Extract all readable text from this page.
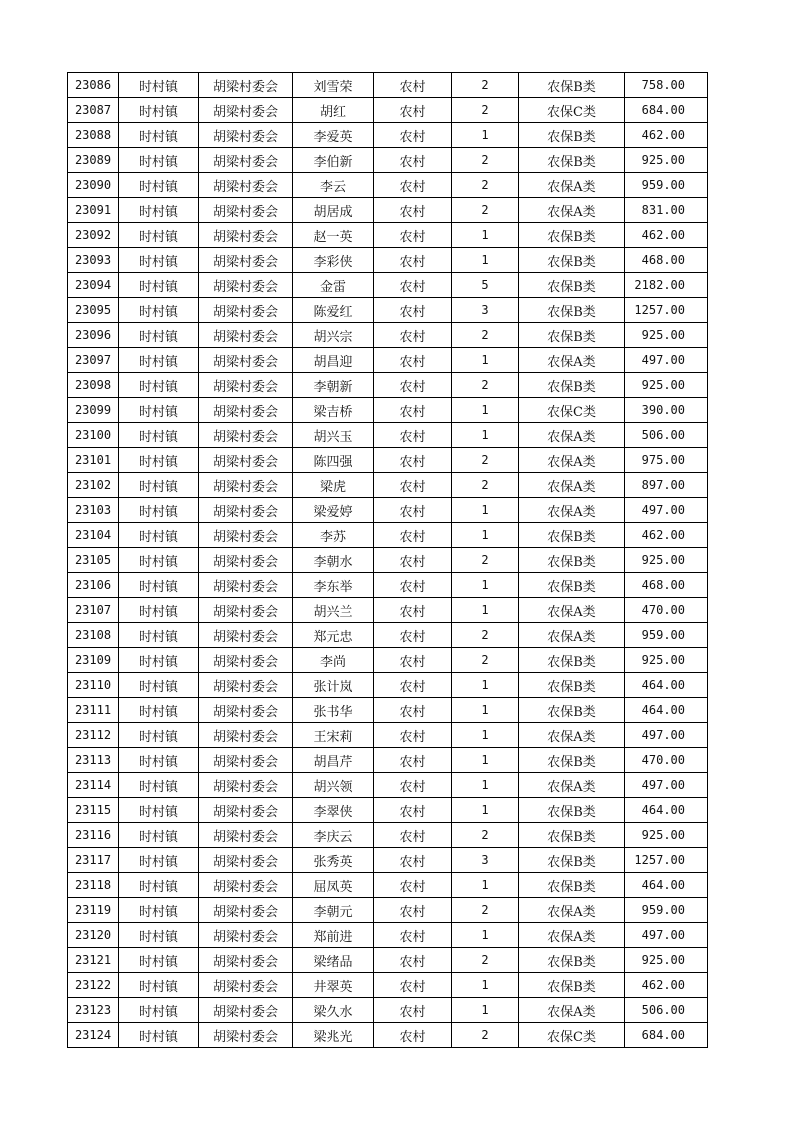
23086	时村镇	胡梁村委会	刘雪荣	农村	2	农保B类	758.00
23087	时村镇	胡梁村委会	胡红	农村	2	农保C类	684.00
23088	时村镇	胡梁村委会	李爱英	农村	1	农保B类	462.00
23089	时村镇	胡梁村委会	李伯新	农村	2	农保B类	925.00
23090	时村镇	胡梁村委会	李云	农村	2	农保A类	959.00
23091	时村镇	胡梁村委会	胡居成	农村	2	农保A类	831.00
23092	时村镇	胡梁村委会	赵一英	农村	1	农保B类	462.00
23093	时村镇	胡梁村委会	李彩侠	农村	1	农保B类	468.00
23094	时村镇	胡梁村委会	金雷	农村	5	农保B类	2182.00
23095	时村镇	胡梁村委会	陈爱红	农村	3	农保B类	1257.00
23096	时村镇	胡梁村委会	胡兴宗	农村	2	农保B类	925.00
23097	时村镇	胡梁村委会	胡昌迎	农村	1	农保A类	497.00
23098	时村镇	胡梁村委会	李朝新	农村	2	农保B类	925.00
23099	时村镇	胡梁村委会	梁吉桥	农村	1	农保C类	390.00
23100	时村镇	胡梁村委会	胡兴玉	农村	1	农保A类	506.00
23101	时村镇	胡梁村委会	陈四强	农村	2	农保A类	975.00
23102	时村镇	胡梁村委会	梁虎	农村	2	农保A类	897.00
23103	时村镇	胡梁村委会	梁爱婷	农村	1	农保A类	497.00
23104	时村镇	胡梁村委会	李苏	农村	1	农保B类	462.00
23105	时村镇	胡梁村委会	李朝水	农村	2	农保B类	925.00
23106	时村镇	胡梁村委会	李东举	农村	1	农保B类	468.00
23107	时村镇	胡梁村委会	胡兴兰	农村	1	农保A类	470.00
23108	时村镇	胡梁村委会	郑元忠	农村	2	农保A类	959.00
23109	时村镇	胡梁村委会	李尚	农村	2	农保B类	925.00
23110	时村镇	胡梁村委会	张计岚	农村	1	农保B类	464.00
23111	时村镇	胡梁村委会	张书华	农村	1	农保B类	464.00
23112	时村镇	胡梁村委会	王宋莉	农村	1	农保A类	497.00
23113	时村镇	胡梁村委会	胡昌芹	农村	1	农保B类	470.00
23114	时村镇	胡梁村委会	胡兴领	农村	1	农保A类	497.00
23115	时村镇	胡梁村委会	李翠侠	农村	1	农保B类	464.00
23116	时村镇	胡梁村委会	李庆云	农村	2	农保B类	925.00
23117	时村镇	胡梁村委会	张秀英	农村	3	农保B类	1257.00
23118	时村镇	胡梁村委会	屈凤英	农村	1	农保B类	464.00
23119	时村镇	胡梁村委会	李朝元	农村	2	农保A类	959.00
23120	时村镇	胡梁村委会	郑前进	农村	1	农保A类	497.00
23121	时村镇	胡梁村委会	梁绪品	农村	2	农保B类	925.00
23122	时村镇	胡梁村委会	井翠英	农村	1	农保B类	462.00
23123	时村镇	胡梁村委会	梁久水	农村	1	农保A类	506.00
23124	时村镇	胡梁村委会	梁兆光	农村	2	农保C类	684.00
